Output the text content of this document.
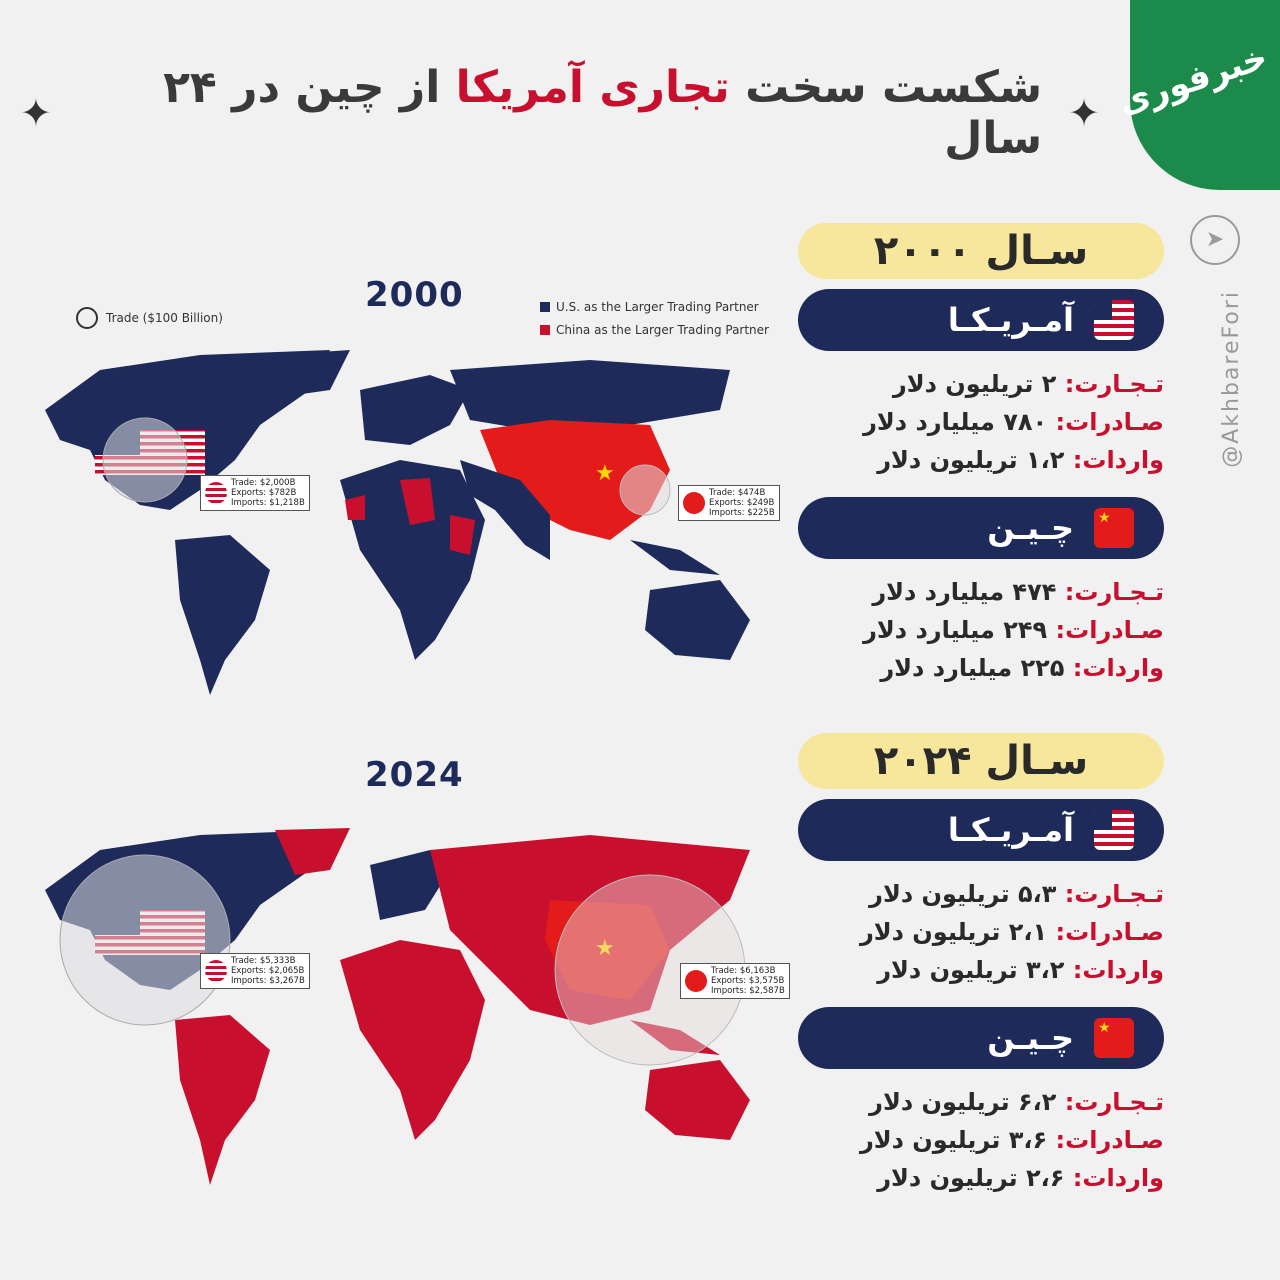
خبرفوری
➤
@AkhbareFori
✦	شکست سخت تجاری آمریکا از چین در ۲۴ سال ✦
2000
Trade ($100 Billion)
U.S. as the Larger Trading Partner
China as the Larger Trading Partner
★
Trade: $2,000B
Exports: $782B
Imports: $1,218B
Trade: $474B
Exports: $249B
Imports: $225B
2024
Trade: $5,333B
Exports: $2,065B
Imports: $3,267B
Trade: $6,163B
Exports: $3,575B
Imports: $2,587B
سـال ۲۰۰۰
آمـریـکـا
تـجـارت: ۲ تریلیون دلار
صـادرات: ۷۸۰ میلیارد دلار
واردات: ۱،۲ تریلیون دلار
★
چـیـن
تـجـارت: ۴۷۴ میلیارد دلار
صـادرات: ۲۴۹ میلیارد دلار
واردات: ۲۲۵ میلیارد دلار
سـال ۲۰۲۴
آمـریـکـا
تـجـارت: ۵،۳ تریلیون دلار
صـادرات: ۲،۱ تریلیون دلار
واردات: ۳،۲ تریلیون دلار
★
چـیـن
تـجـارت: ۶،۲ تریلیون دلار
صـادرات: ۳،۶ تریلیون دلار
واردات: ۲،۶ تریلیون دلار
